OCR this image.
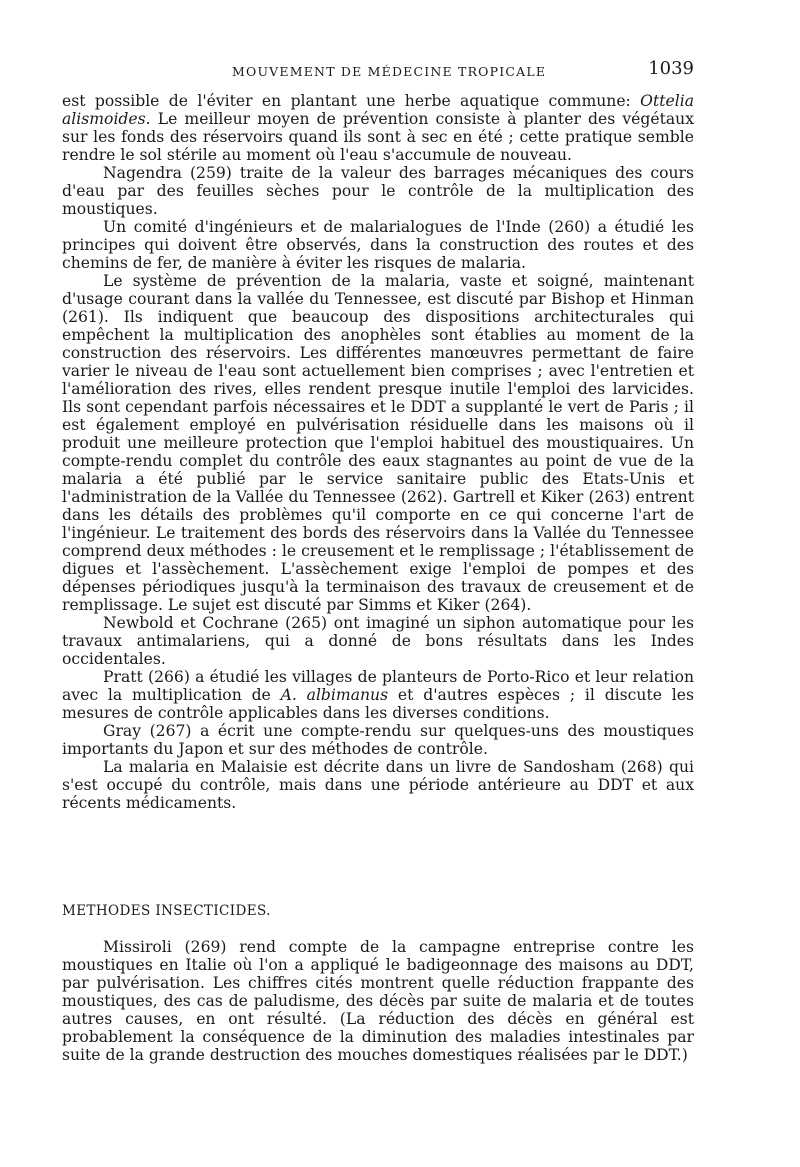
MOUVEMENT DE MÉDECINE TROPICALE	1039

est possible de l'éviter en plantant une herbe aquatique commune: Ottelia alismoides. Le meilleur moyen de prévention consiste à planter des végétaux sur les fonds des réservoirs quand ils sont à sec en été ; cette pratique semble rendre le sol stérile au moment où l'eau s'accumule de nouveau.

Nagendra (259) traite de la valeur des barrages mécaniques des cours d'eau par des feuilles sèches pour le contrôle de la multiplication des moustiques.

Un comité d'ingénieurs et de malarialogues de l'Inde (260) a étudié les principes qui doivent être observés, dans la construction des routes et des chemins de fer, de manière à éviter les risques de malaria.

Le système de prévention de la malaria, vaste et soigné, maintenant d'usage courant dans la vallée du Tennessee, est discuté par Bishop et Hinman (261). Ils indiquent que beaucoup des dispositions architecturales qui empêchent la multiplication des anophèles sont établies au moment de la construction des réservoirs. Les différentes manœuvres permettant de faire varier le niveau de l'eau sont actuellement bien comprises ; avec l'entretien et l'amélioration des rives, elles rendent presque inutile l'emploi des larvicides. Ils sont cependant parfois nécessaires et le DDT a supplanté le vert de Paris ; il est également employé en pulvérisation résiduelle dans les maisons où il produit une meilleure protection que l'emploi habituel des moustiquaires. Un compte-rendu complet du contrôle des eaux stagnantes au point de vue de la malaria a été publié par le service sanitaire public des Etats-Unis et l'administration de la Vallée du Tennessee (262). Gartrell et Kiker (263) entrent dans les détails des problèmes qu'il comporte en ce qui concerne l'art de l'ingénieur. Le traitement des bords des réservoirs dans la Vallée du Tennessee comprend deux méthodes : le creusement et le remplissage ; l'établissement de digues et l'assèchement. L'assèchement exige l'emploi de pompes et des dépenses périodiques jusqu'à la terminaison des travaux de creusement et de remplissage. Le sujet est discuté par Simms et Kiker (264).

Newbold et Cochrane (265) ont imaginé un siphon automatique pour les travaux antimalariens, qui a donné de bons résultats dans les Indes occidentales.

Pratt (266) a étudié les villages de planteurs de Porto-Rico et leur relation avec la multiplication de A. albimanus et d'autres espèces ; il discute les mesures de contrôle applicables dans les diverses conditions.

Gray (267) a écrit une compte-rendu sur quelques-uns des moustiques importants du Japon et sur des méthodes de contrôle.

La malaria en Malaisie est décrite dans un livre de Sandosham (268) qui s'est occupé du contrôle, mais dans une période antérieure au DDT et aux récents médicaments.

METHODES INSECTICIDES.

Missiroli (269) rend compte de la campagne entreprise contre les moustiques en Italie où l'on a appliqué le badigeonnage des maisons au DDT, par pulvérisation. Les chiffres cités montrent quelle réduction frappante des moustiques, des cas de paludisme, des décès par suite de malaria et de toutes autres causes, en ont résulté. (La réduction des décès en général est probablement la conséquence de la diminution des maladies intestinales par suite de la grande destruction des mouches domestiques réalisées par le DDT.)
